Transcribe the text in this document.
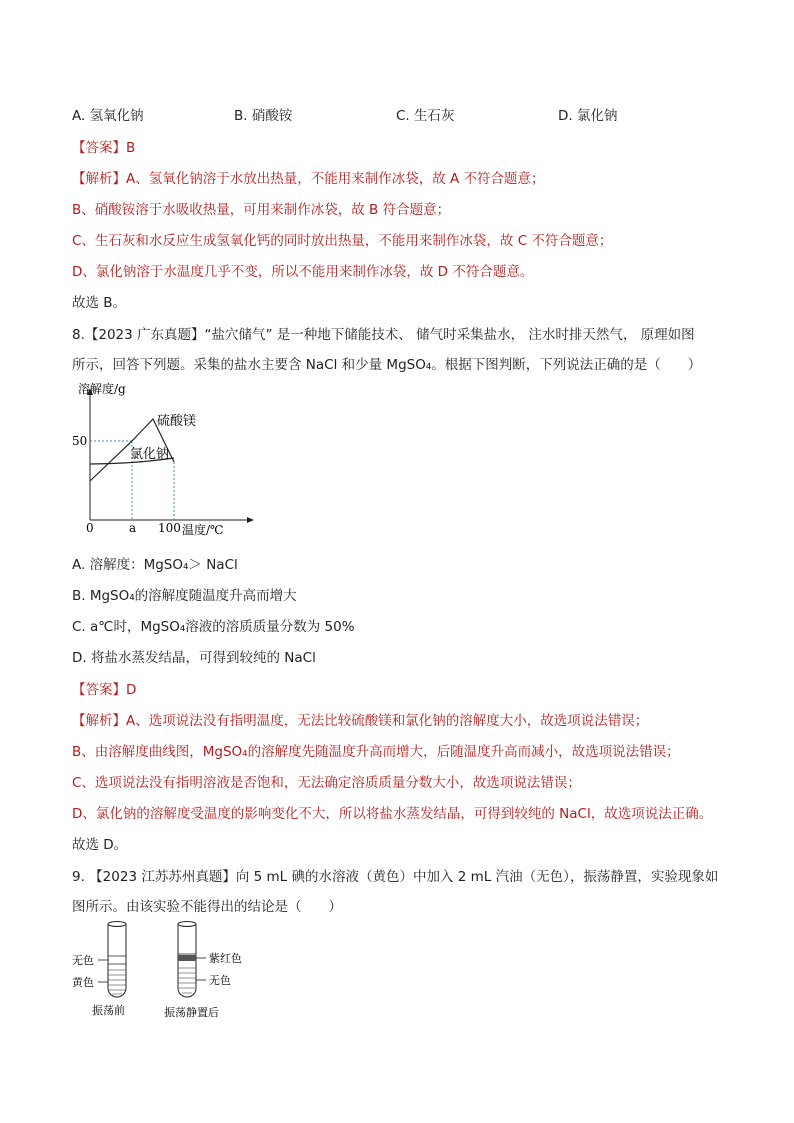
A. 氢氧化钠	B. 硝酸铵	C. 生石灰	D. 氯化钠
【答案】B
【解析】A、氢氧化钠溶于水放出热量，不能用来制作冰袋，故 A 不符合题意；
B、硝酸铵溶于水吸收热量，可用来制作冰袋，故 B 符合题意；
C、生石灰和水反应生成氢氧化钙的同时放出热量，不能用来制作冰袋，故 C 不符合题意；
D、氯化钠溶于水温度几乎不变，所以不能用来制作冰袋，故 D 不符合题意。
故选 B。
8.【2023 广东真题】“盐穴储气” 是一种地下储能技术、 储气时采集盐水， 注水时排天然气， 原理如图
所示，回答下列题。采集的盐水主要含 NaCl 和少量 MgSO₄。根据下图判断，下列说法正确的是（　　）
溶解度/g
温度/℃
50
0	a 100
硫酸镁
氯化钠
A. 溶解度：MgSO₄＞ NaCl
B. MgSO₄的溶解度随温度升高而增大
C. a℃时，MgSO₄溶液的溶质质量分数为 50%
D. 将盐水蒸发结晶，可得到较纯的 NaCl
【答案】D
【解析】A、选项说法没有指明温度，无法比较硫酸镁和氯化钠的溶解度大小，故选项说法错误；
B、由溶解度曲线图，MgSO₄的溶解度先随温度升高而增大，后随温度升高而减小，故选项说法错误；
C、选项说法没有指明溶液是否饱和，无法确定溶质质量分数大小，故选项说法错误；
D、氯化钠的溶解度受温度的影响变化不大，所以将盐水蒸发结晶，可得到较纯的 NaCl，故选项说法正确。
故选 D。
9. 【2023 江苏苏州真题】向 5 mL 碘的水溶液（黄色）中加入 2 mL 汽油（无色），振荡静置，实验现象如
图所示。由该实验不能得出的结论是（　　）
无色
黄色
振荡前
紫红色
无色
振荡静置后
